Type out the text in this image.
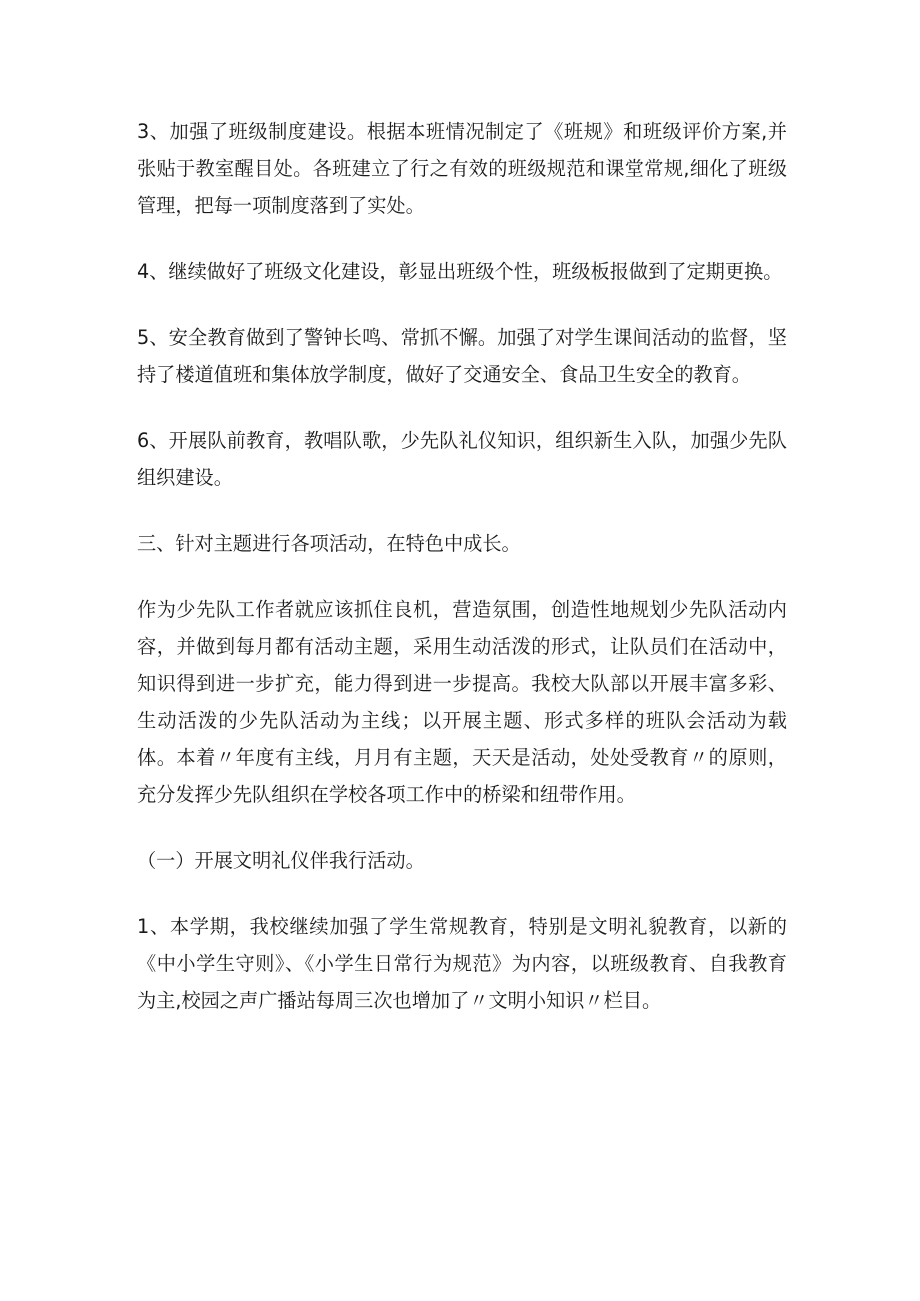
3、加强了班级制度建设。根据本班情况制定了《班规》和班级评价方案,并张贴于教室醒目处。各班建立了行之有效的班级规范和课堂常规,细化了班级管理，把每一项制度落到了实处。

4、继续做好了班级文化建设，彰显出班级个性，班级板报做到了定期更换。

5、安全教育做到了警钟长鸣、常抓不懈。加强了对学生课间活动的监督，坚持了楼道值班和集体放学制度，做好了交通安全、食品卫生安全的教育。

6、开展队前教育，教唱队歌，少先队礼仪知识，组织新生入队，加强少先队组织建设。

三、针对主题进行各项活动，在特色中成长。

作为少先队工作者就应该抓住良机，营造氛围，创造性地规划少先队活动内容，并做到每月都有活动主题，采用生动活泼的形式，让队员们在活动中，知识得到进一步扩充，能力得到进一步提高。我校大队部以开展丰富多彩、生动活泼的少先队活动为主线；以开展主题、形式多样的班队会活动为载体。本着〃年度有主线，月月有主题，天天是活动，处处受教育〃的原则，充分发挥少先队组织在学校各项工作中的桥梁和纽带作用。

（一）开展文明礼仪伴我行活动。

1、本学期，我校继续加强了学生常规教育，特别是文明礼貌教育，以新的《中小学生守则》、《小学生日常行为规范》为内容，以班级教育、自我教育为主,校园之声广播站每周三次也增加了〃文明小知识〃栏目。
